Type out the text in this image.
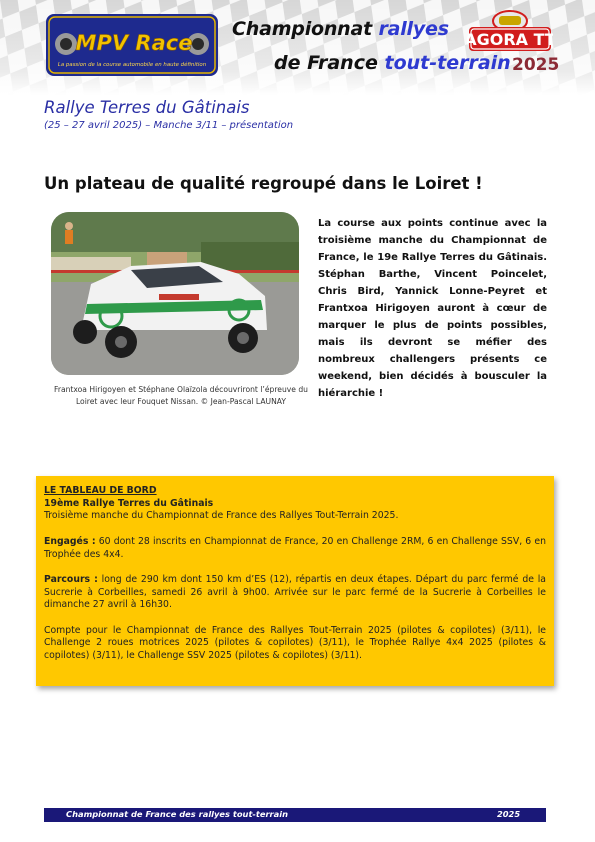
MPV Race
La passion de la course automobile en haute définition
AGORA TT
Championnat rallyes
de France tout-terrain 2025
Rallye Terres du Gâtinais
(25 – 27 avril 2025) – Manche 3/11 – présentation
Un plateau de qualité regroupé dans le Loiret !
Frantxoa Hirigoyen et Stéphane Olaïzola découvriront l’épreuve du Loiret avec leur Fouquet Nissan. © Jean-Pascal LAUNAY
La course aux points continue avec la troisième manche du Championnat de France, le 19e Rallye Terres du Gâtinais. Stéphan Barthe, Vincent Poincelet, Chris Bird, Yannick Lonne-Peyret et Frantxoa Hirigoyen auront à cœur de marquer le plus de points possibles, mais ils devront se méfier des nombreux challengers présents ce weekend, bien décidés à bousculer la hiérarchie !

LE TABLEAU DE BORD

19ème Rallye Terres du Gâtinais

Troisième manche du Championnat de France des Rallyes Tout-Terrain 2025.

Engagés : 60 dont 28 inscrits en Championnat de France, 20 en Challenge 2RM, 6 en Challenge SSV, 6 en Trophée des 4x4.

Parcours : long de 290 km dont 150 km d’ES (12), répartis en deux étapes. Départ du parc fermé de la Sucrerie à Corbeilles, samedi 26 avril à 9h00. Arrivée sur le parc fermé de la Sucrerie à Corbeilles le dimanche 27 avril à 16h30.

Compte pour le Championnat de France des Rallyes Tout-Terrain 2025 (pilotes & copilotes) (3/11), le Challenge 2 roues motrices 2025 (pilotes & copilotes) (3/11), le Trophée Rallye 4x4 2025 (pilotes & copilotes) (3/11), le Challenge SSV 2025 (pilotes & copilotes) (3/11).

Championnat de France des rallyes tout-terrain	2025
